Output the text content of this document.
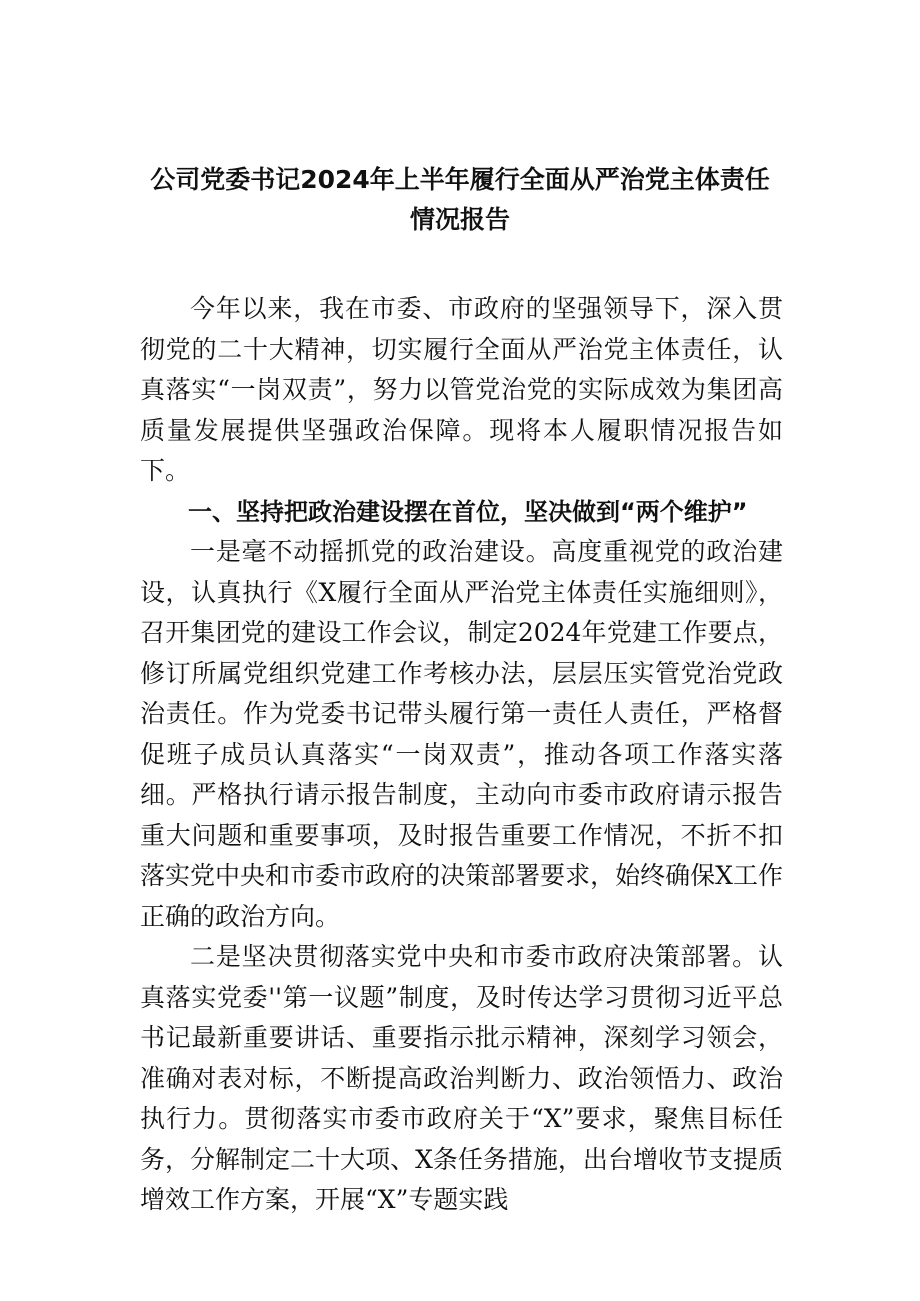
公司党委书记2024年上半年履行全面从严治党主体责任情况报告

今年以来，我在市委、市政府的坚强领导下，深入贯彻党的二十大精神，切实履行全面从严治党主体责任，认真落实“一岗双责”，努力以管党治党的实际成效为集团高质量发展提供坚强政治保障。现将本人履职情况报告如下。

一、坚持把政治建设摆在首位，坚决做到“两个维护”

一是毫不动摇抓党的政治建设。高度重视党的政治建设，认真执行《X履行全面从严治党主体责任实施细则》，召开集团党的建设工作会议，制定2024年党建工作要点，修订所属党组织党建工作考核办法，层层压实管党治党政治责任。作为党委书记带头履行第一责任人责任，严格督促班子成员认真落实“一岗双责”，推动各项工作落实落细。严格执行请示报告制度，主动向市委市政府请示报告重大问题和重要事项，及时报告重要工作情况，不折不扣落实党中央和市委市政府的决策部署要求，始终确保X工作正确的政治方向。

二是坚决贯彻落实党中央和市委市政府决策部署。认真落实党委''第一议题”制度，及时传达学习贯彻习近平总书记最新重要讲话、重要指示批示精神，深刻学习领会，准确对表对标，不断提高政治判断力、政治领悟力、政治执行力。贯彻落实市委市政府关于“X”要求，聚焦目标任务，分解制定二十大项、X条任务措施，出台增收节支提质增效工作方案，开展“X”专题实践
